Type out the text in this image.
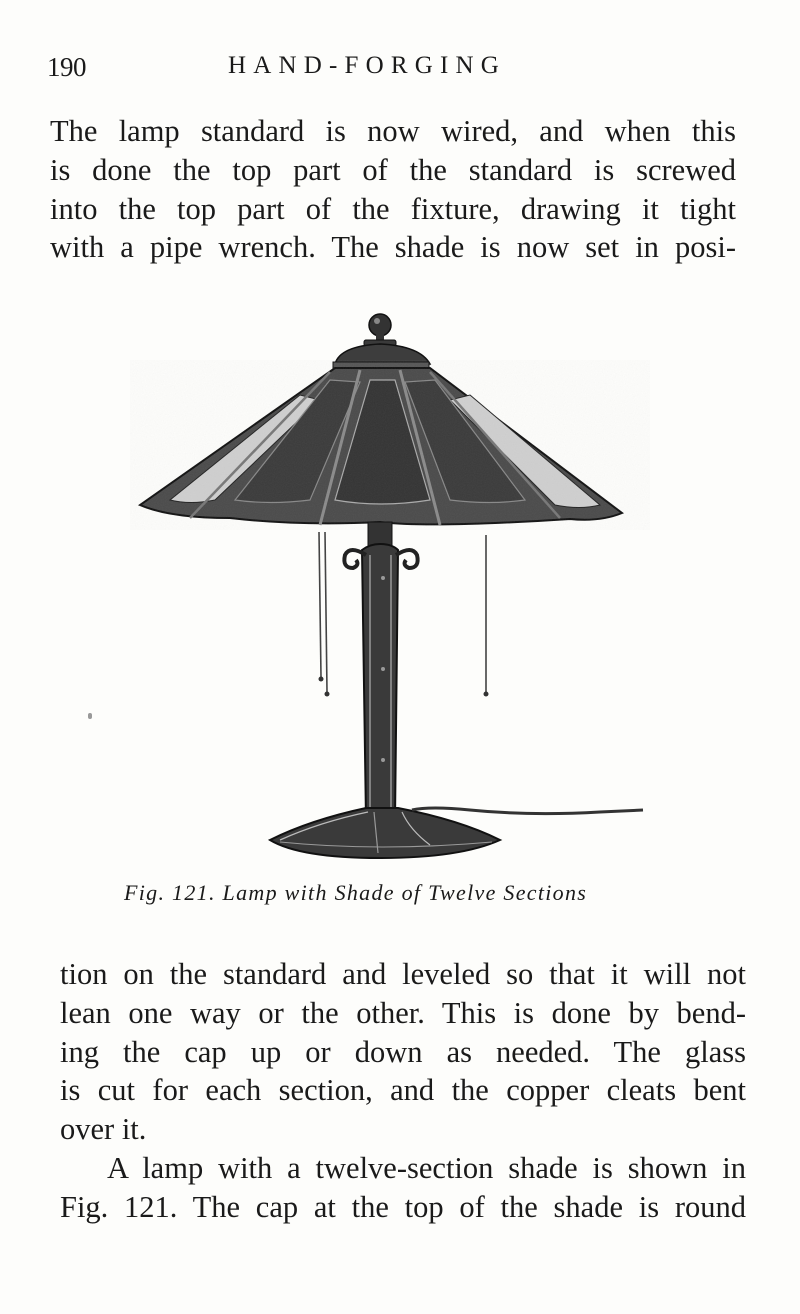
190	HAND-FORGING

The lamp standard is now wired, and when this
is done the top part of the standard is screwed
into the top part of the fixture, drawing it tight
with a pipe wrench. The shade is now set in posi-

Fig. 121. Lamp with Shade of Twelve Sections

tion on the standard and leveled so that it will not
lean one way or the other. This is done by bend-
ing the cap up or down as needed. The glass
is cut for each section, and the copper cleats bent
over it.
A lamp with a twelve-section shade is shown in
Fig. 121. The cap at the top of the shade is round
